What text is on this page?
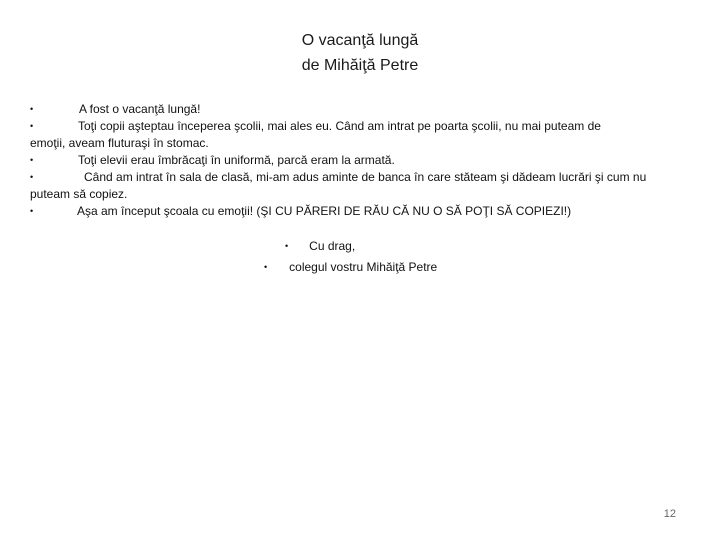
O vacanţă lungă
de Mihăiţă Petre

•	A fost o vacanţă lungă!

•	Toţi copii aşteptau începerea şcolii, mai ales eu. Când am intrat pe poarta şcolii, nu mai puteam de
emoţii, aveam fluturaşi în stomac.

•	Toţi elevii erau îmbrăcaţi în uniformă, parcă eram la armată.

•	Când am intrat în sala de clasă, mi-am adus aminte de banca în care stăteam şi dădeam lucrări şi cum nu
puteam să copiez.

•	Aşa am început şcoala cu emoţii! (ŞI CU PĂRERI DE RĂU CĂ NU O SĂ POŢI SĂ COPIEZI!)

• Cu drag,
• colegul vostru Mihăiţă Petre
12
